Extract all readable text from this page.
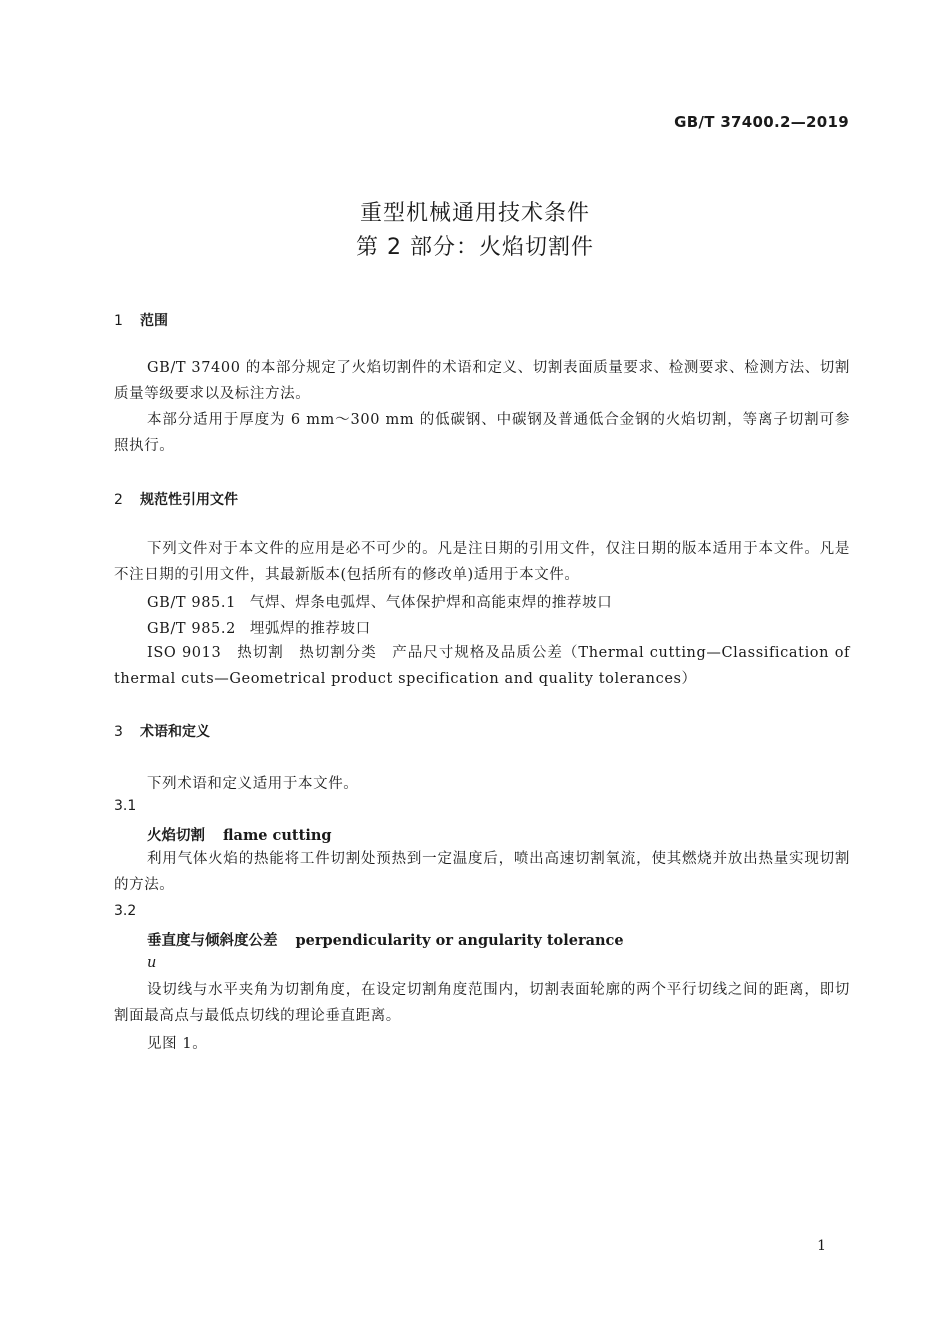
GB/T 37400.2—2019
重型机械通用技术条件
第 2 部分：火焰切割件
1 范围
GB/T 37400 的本部分规定了火焰切割件的术语和定义、切割表面质量要求、检测要求、检测方法、切割质量等级要求以及标注方法。
本部分适用于厚度为 6 mm～300 mm 的低碳钢、中碳钢及普通低合金钢的火焰切割，等离子切割可参照执行。
2 规范性引用文件
下列文件对于本文件的应用是必不可少的。凡是注日期的引用文件，仅注日期的版本适用于本文件。凡是不注日期的引用文件，其最新版本(包括所有的修改单)适用于本文件。
GB/T 985.1 气焊、焊条电弧焊、气体保护焊和高能束焊的推荐坡口
GB/T 985.2 埋弧焊的推荐坡口
ISO 9013　热切割　热切割分类　产品尺寸规格及品质公差（Thermal cutting—Classification of thermal cuts—Geometrical product specification and quality tolerances）
3 术语和定义
下列术语和定义适用于本文件。
3.1
火焰切割 flame cutting
利用气体火焰的热能将工件切割处预热到一定温度后，喷出高速切割氧流，使其燃烧并放出热量实现切割的方法。
3.2
垂直度与倾斜度公差 perpendicularity or angularity tolerance
u
设切线与水平夹角为切割角度，在设定切割角度范围内，切割表面轮廓的两个平行切线之间的距离，即切割面最高点与最低点切线的理论垂直距离。
见图 1。
1
